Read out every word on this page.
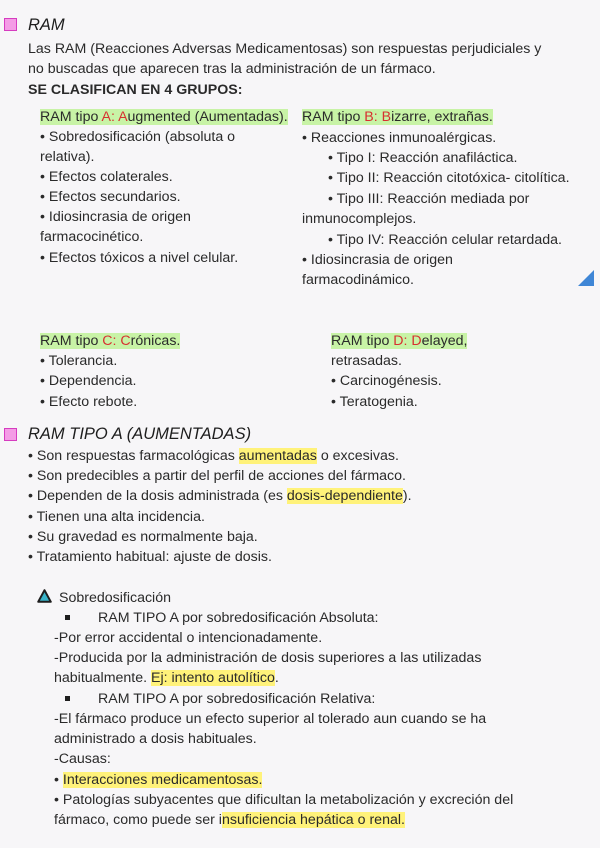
RAM
Las RAM (Reacciones Adversas Medicamentosas) son respuestas perjudiciales y
no buscadas que aparecen tras la administración de un fármaco.
SE CLASIFICAN EN 4 GRUPOS:
RAM tipo A: Augmented (Aumentadas).
• Sobredosificación (absoluta o
relativa).
• Efectos colaterales.
• Efectos secundarios.
• Idiosincrasia de origen
farmacocinético.
• Efectos tóxicos a nivel celular.
RAM tipo B: Bizarre, extrañas.
• Reacciones inmunoalérgicas.
• Tipo I: Reacción anafiláctica.
• Tipo II: Reacción citotóxica- citolítica.
• Tipo III: Reacción mediada por
inmunocomplejos.
• Tipo IV: Reacción celular retardada.
• Idiosincrasia de origen
farmacodinámico.
RAM tipo C: Crónicas.
• Tolerancia.
• Dependencia.
• Efecto rebote.
RAM tipo D: Delayed,
retrasadas.
• Carcinogénesis.
• Teratogenia.
RAM TIPO A (AUMENTADAS)
• Son respuestas farmacológicas aumentadas o excesivas.
• Son predecibles a partir del perfil de acciones del fármaco.
• Dependen de la dosis administrada (es dosis-dependiente).
• Tienen una alta incidencia.
• Su gravedad es normalmente baja.
• Tratamiento habitual: ajuste de dosis.
Sobredosificación
RAM TIPO A por sobredosificación Absoluta:
-Por error accidental o intencionadamente.
-Producida por la administración de dosis superiores a las utilizadas
habitualmente. Ej: intento autolítico.
RAM TIPO A por sobredosificación Relativa:
-El fármaco produce un efecto superior al tolerado aun cuando se ha
administrado a dosis habituales.
-Causas:
• Interacciones medicamentosas.
• Patologías subyacentes que dificultan la metabolización y excreción del
fármaco, como puede ser insuficiencia hepática o renal.
